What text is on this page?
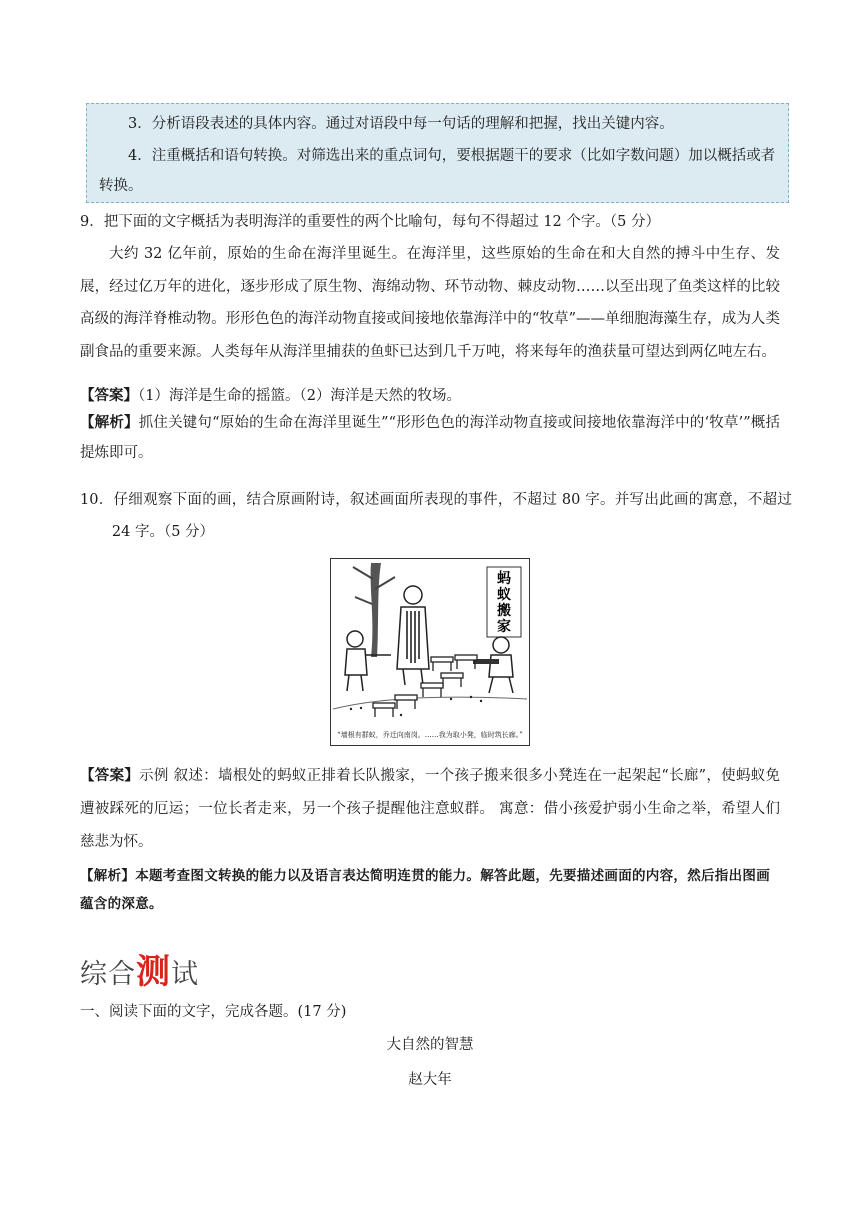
3．分析语段表述的具体内容。通过对语段中每一句话的理解和把握，找出关键内容。

4．注重概括和语句转换。对筛选出来的重点词句，要根据题干的要求（比如字数问题）加以概括或者转换。

9．把下面的文字概括为表明海洋的重要性的两个比喻句，每句不得超过 12 个字。（5 分）

大约 32 亿年前，原始的生命在海洋里诞生。在海洋里，这些原始的生命在和大自然的搏斗中生存、发展，经过亿万年的进化，逐步形成了原生物、海绵动物、环节动物、棘皮动物……以至出现了鱼类这样的比较高级的海洋脊椎动物。形形色色的海洋动物直接或间接地依靠海洋中的“牧草”——单细胞海藻生存，成为人类副食品的重要来源。人类每年从海洋里捕获的鱼虾已达到几千万吨，将来每年的渔获量可望达到两亿吨左右。

【答案】（1）海洋是生命的摇篮。（2）海洋是天然的牧场。

【解析】抓住关键句“原始的生命在海洋里诞生”“形形色色的海洋动物直接或间接地依靠海洋中的‘牧草’”概括提炼即可。

10．仔细观察下面的画，结合原画附诗，叙述画面所表现的事件，不超过 80 字。并写出此画的寓意，不超过 24 字。（5 分）

“墙根有群蚁，乔迁向南岗。……我为取小凳，临时筑长廊。”
蚂蚁搬家

【答案】示例 叙述：墙根处的蚂蚁正排着长队搬家，一个孩子搬来很多小凳连在一起架起“长廊”，使蚂蚁免遭被踩死的厄运；一位长者走来，另一个孩子提醒他注意蚁群。 寓意：借小孩爱护弱小生命之举，希望人们慈悲为怀。

【解析】本题考查图文转换的能力以及语言表达简明连贯的能力。解答此题，先要描述画面的内容，然后指出图画蕴含的深意。

综合测试

一、阅读下面的文字，完成各题。(17 分)

大自然的智慧

赵大年
